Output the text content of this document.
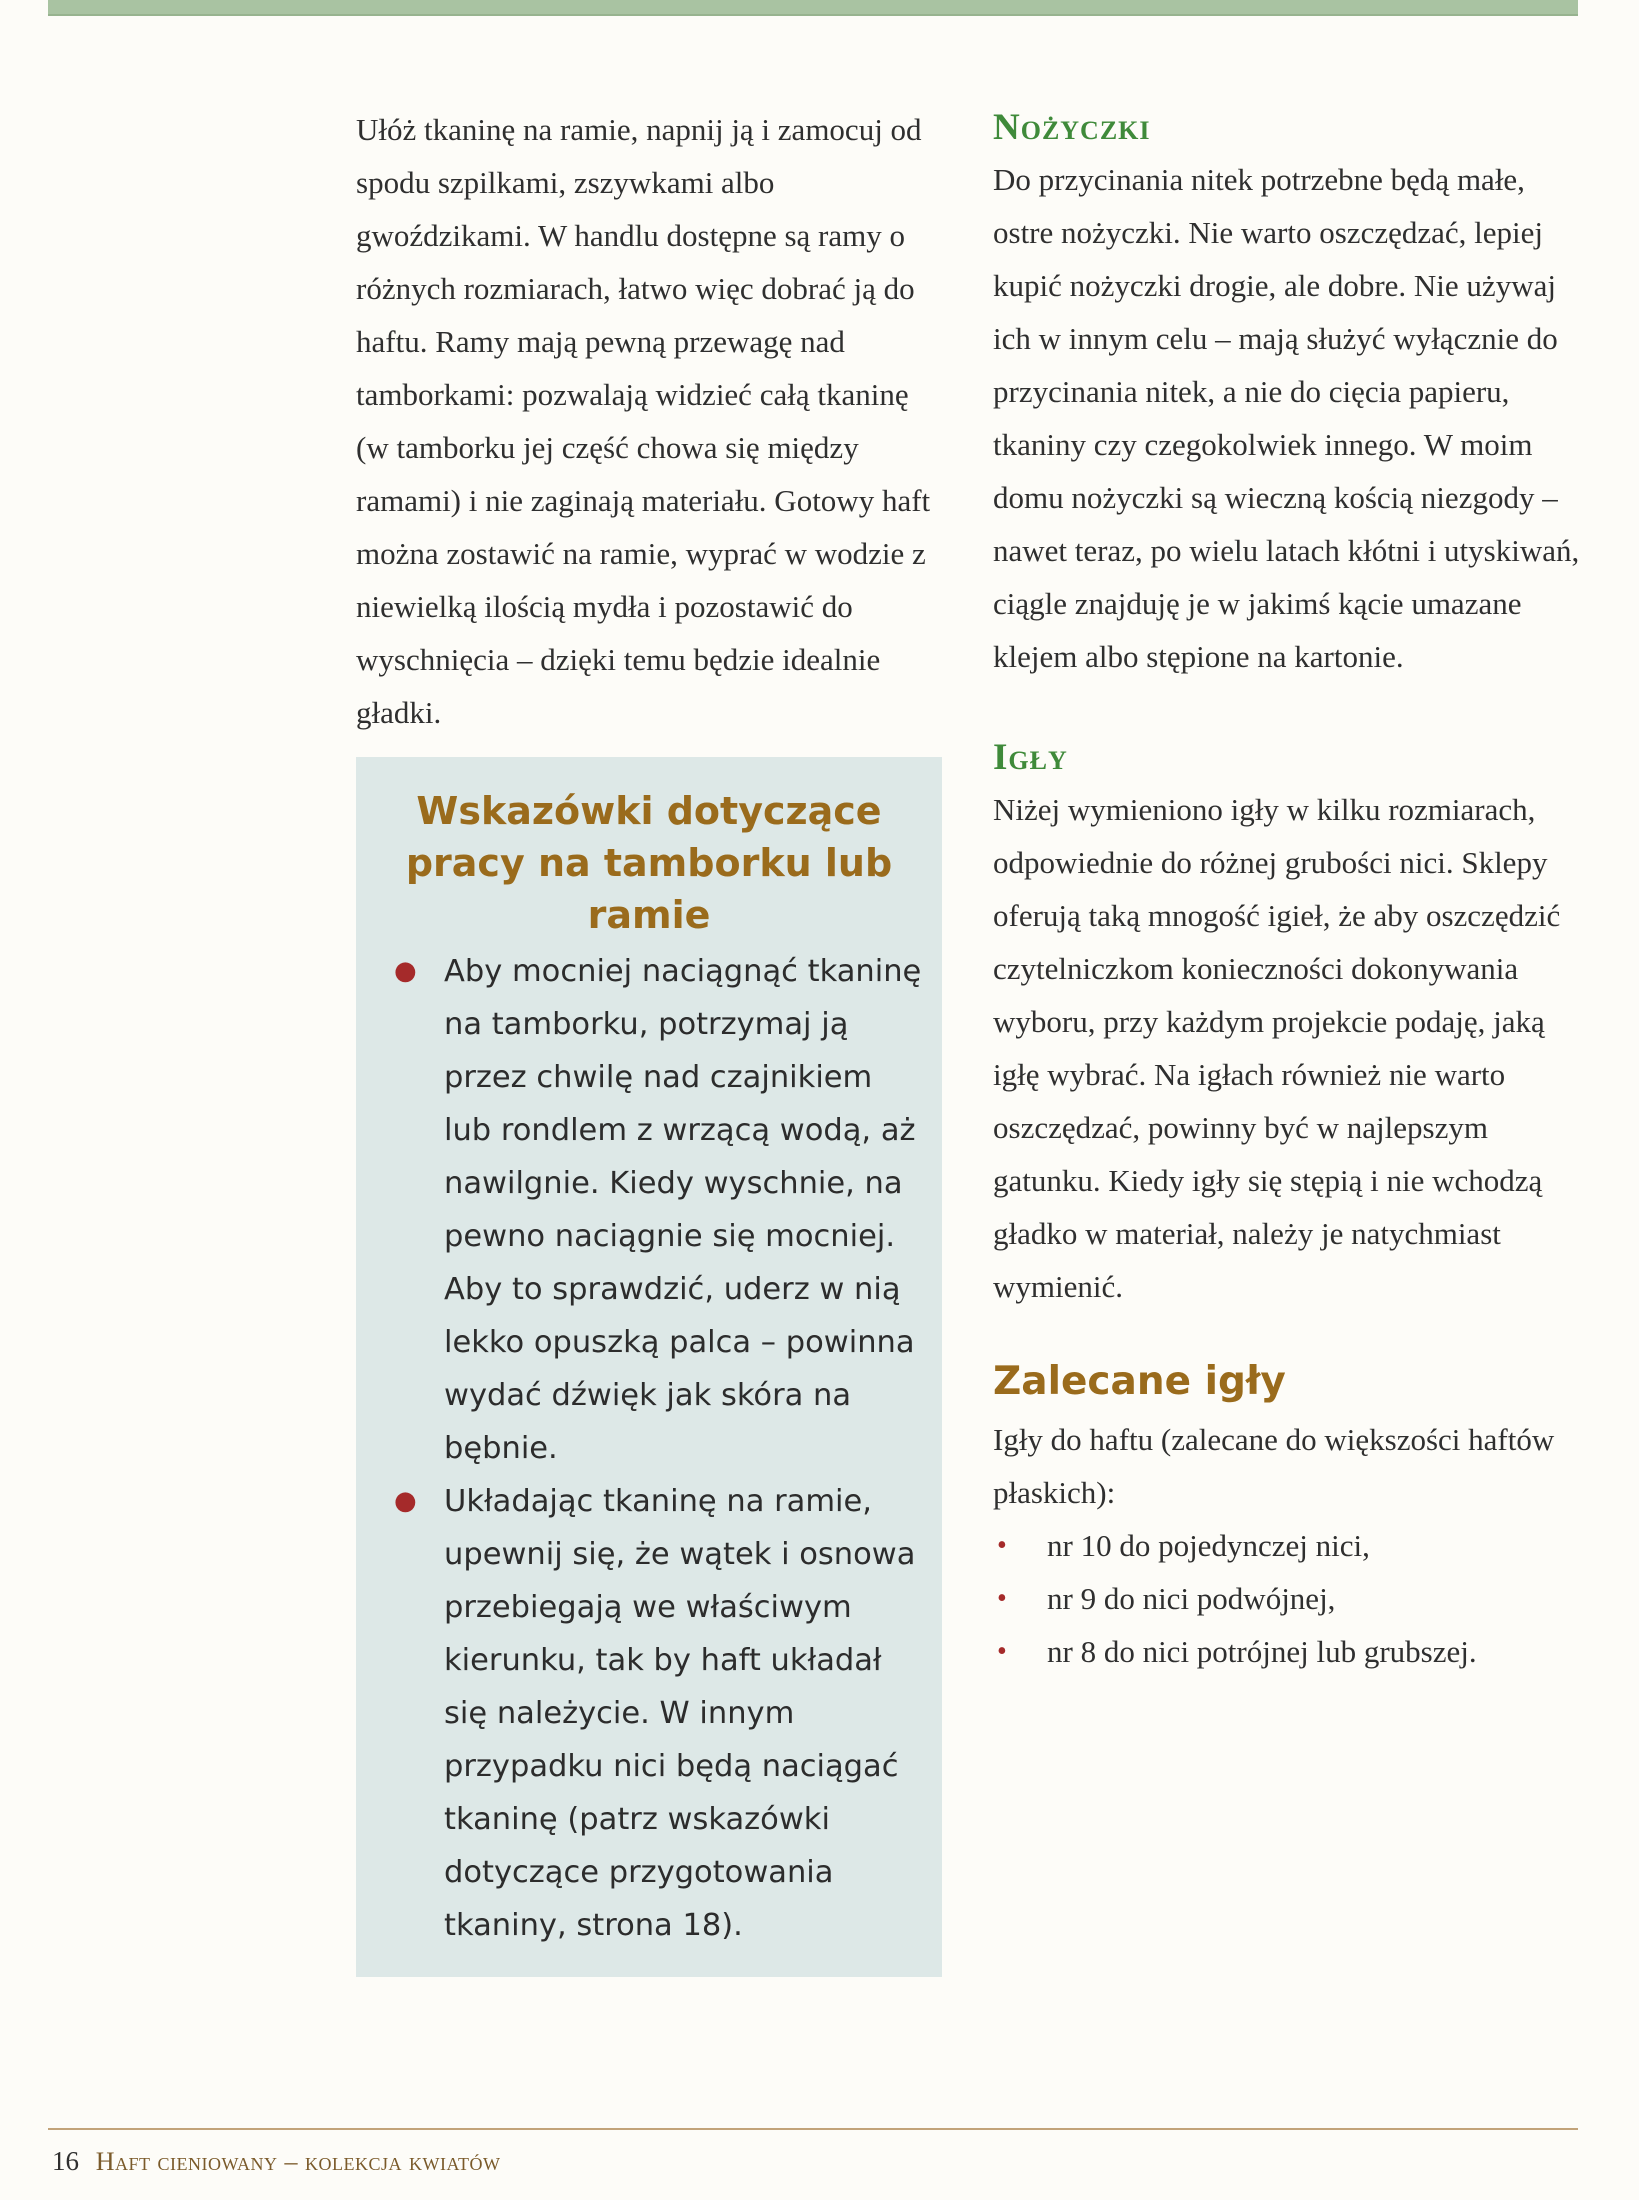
Ułóż tkaninę na ramie, napnij ją i zamocuj od spodu szpilkami, zszywkami albo gwoździkami. W handlu dostępne są ramy o różnych rozmiarach, łatwo więc dobrać ją do haftu. Ramy mają pewną przewagę nad tamborkami: pozwalają widzieć całą tkaninę (w tamborku jej część chowa się między ramami) i nie zaginają materiału. Gotowy haft można zostawić na ramie, wyprać w wodzie z niewielką ilością mydła i pozostawić do wyschnięcia – dzięki temu będzie idealnie gładki.

Wskazówki dotyczące pracy na tamborku lub ramie
● Aby mocniej naciągnąć tkaninę na tamborku, potrzymaj ją przez chwilę nad czajnikiem lub rondlem z wrzącą wodą, aż nawilgnie. Kiedy wyschnie, na pewno naciągnie się mocniej. Aby to sprawdzić, uderz w nią lekko opuszką palca – powinna wydać dźwięk jak skóra na bębnie.
● Układając tkaninę na ramie, upewnij się, że wątek i osnowa przebiegają we właściwym kierunku, tak by haft układał się należycie. W innym przypadku nici będą naciągać tkaninę (patrz wskazówki dotyczące przygotowania tkaniny, strona 18).
Nożyczki

Do przycinania nitek potrzebne będą małe, ostre nożyczki. Nie warto oszczędzać, lepiej kupić nożyczki drogie, ale dobre. Nie używaj ich w innym celu – mają służyć wyłącznie do przycinania nitek, a nie do cięcia papieru, tkaniny czy czegokolwiek innego. W moim domu nożyczki są wieczną kością niezgody – nawet teraz, po wielu latach kłótni i utyskiwań, ciągle znajduję je w jakimś kącie umazane klejem albo stępione na kartonie.

Igły

Niżej wymieniono igły w kilku rozmiarach, odpowiednie do różnej grubości nici. Sklepy oferują taką mnogość igieł, że aby oszczędzić czytelniczkom konieczności dokonywania wyboru, przy każdym projekcie podaję, jaką igłę wybrać. Na igłach również nie warto oszczędzać, powinny być w najlepszym gatunku. Kiedy igły się stępią i nie wchodzą gładko w materiał, należy je natychmiast wymienić.

Zalecane igły

Igły do haftu (zalecane do większości haftów płaskich):

• nr 10 do pojedynczej nici,
• nr 9 do nici podwójnej,
• nr 8 do nici potrójnej lub grubszej.
16 Haft cieniowany – kolekcja kwiatów
